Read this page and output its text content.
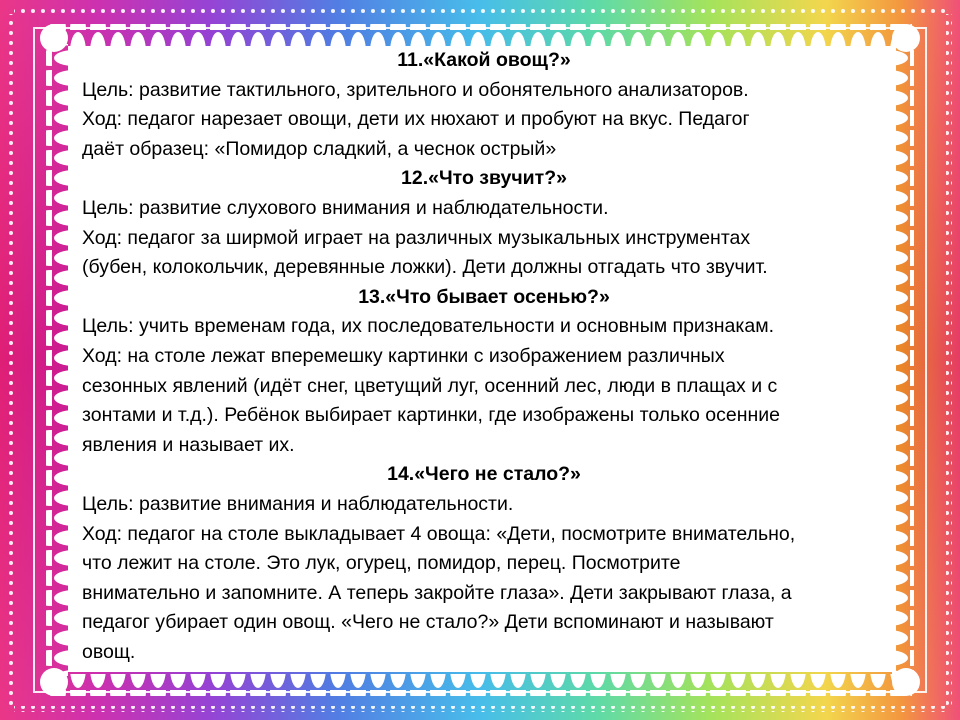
11.«Какой овощ?»
Цель: развитие тактильного, зрительного и обонятельного анализаторов.
Ход: педагог нарезает овощи, дети их нюхают и пробуют на вкус. Педагог
даёт образец: «Помидор сладкий, а чеснок острый»
12.«Что звучит?»
Цель: развитие слухового внимания и наблюдательности.
Ход: педагог за ширмой играет на различных музыкальных инструментах
(бубен, колокольчик, деревянные ложки). Дети должны отгадать что звучит.
13.«Что бывает осенью?»
Цель: учить временам года, их последовательности и основным признакам.
Ход: на столе лежат вперемешку картинки с изображением различных
сезонных явлений (идёт снег, цветущий луг, осенний лес, люди в плащах и с
зонтами и т.д.). Ребёнок выбирает картинки, где изображены только осенние
явления и называет их.
14.«Чего не стало?»
Цель: развитие внимания и наблюдательности.
Ход: педагог на столе выкладывает 4 овоща: «Дети, посмотрите внимательно,
что лежит на столе. Это лук, огурец, помидор, перец. Посмотрите
внимательно и запомните. А теперь закройте глаза». Дети закрывают глаза, а
педагог убирает один овощ. «Чего не стало?» Дети вспоминают и называют
овощ.
